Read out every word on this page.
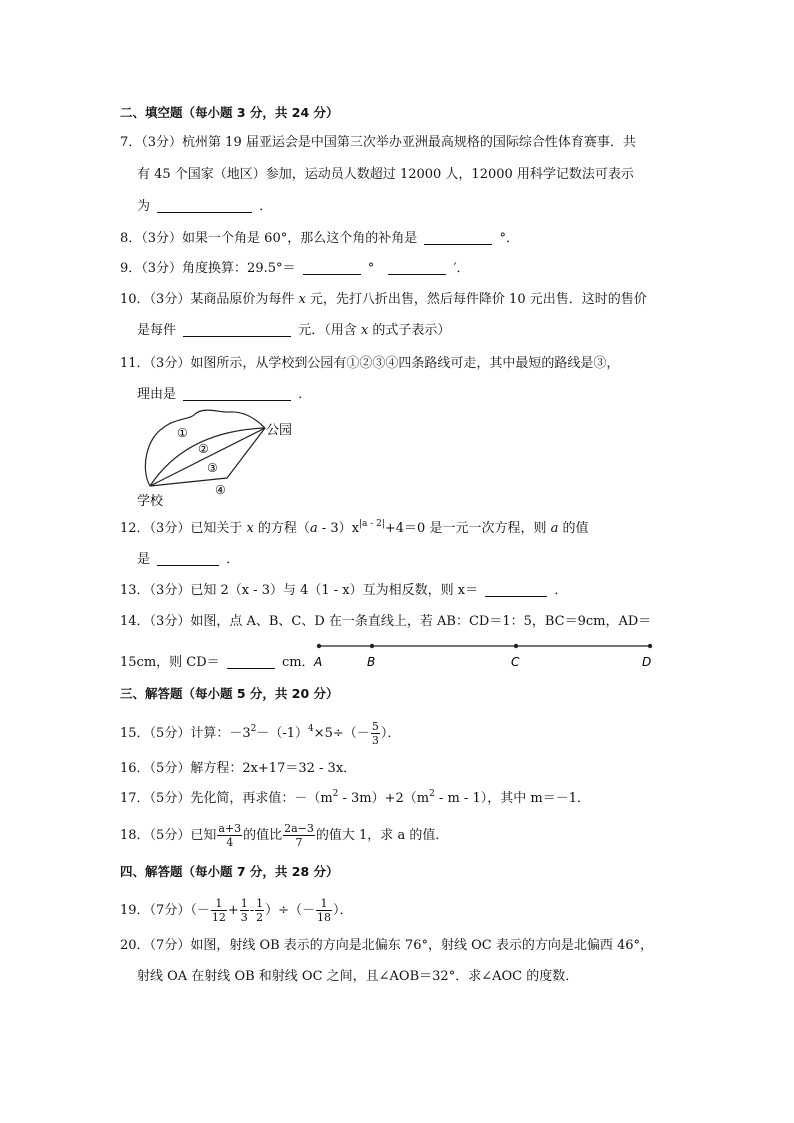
二、填空题（每小题 3 分，共 24 分）
7．（3分）杭州第 19 届亚运会是中国第三次举办亚洲最高规格的国际综合性体育赛事．共
有 45 个国家（地区）参加，运动员人数超过 12000 人，12000 用科学记数法可表示
为	．
8．（3分）如果一个角是 60°，那么这个角的补角是	°．
9．（3分）角度换算：29.5°＝	°	′．
10．（3分）某商品原价为每件 x 元，先打八折出售，然后每件降价 10 元出售．这时的售价
是每件	元．（用含 x 的式子表示）
11．（3分）如图所示，从学校到公园有①②③④四条路线可走，其中最短的路线是③，
理由是	．
①
②
③
④
公园
学校
12．（3分）已知关于 x 的方程$(a - 3)x^{|a - 2|}+4=0$ 是一元一次方程，则 a 的值
是	．
13．（3分）已知 2（x - 3）与 4（1 - x）互为相反数，则 x＝	．
14．（3分）如图，点 A、B、C、D 在一条直线上，若 AB：CD＝1：5，BC＝9cm，AD＝
15cm，则 CD＝	cm． A	B	C	D
三、解答题（每小题 5 分，共 20 分）
15．（5分）计算：$-3^2-(-1)^4\times 5\div(- \frac{5}{3}$ ）．
16．（5分）解方程：2x+17＝32 - 3x．
17．（5分）先化简，再求值：$-(m^2 - 3m)+2(m^2 - m - 1)$，其中 m＝－1．
18．（5分）已知 $\frac{a+3}{4}$ 的值比 $\frac{2a-3}{7}$ 的值大 1，求 a 的值．
四、解答题（每小题 7 分，共 28 分）
19．（7分）（－ $\frac{1}{12} + \frac{1}{3} - \frac{1}{2}$ ）÷（－ $\frac{1}{18}$ ）．
20．（7分）如图，射线 OB 表示的方向是北偏东 76°，射线 OC 表示的方向是北偏西 46°，
射线 OA 在射线 OB 和射线 OC 之间，且∠AOB＝32°．求∠AOC 的度数．
